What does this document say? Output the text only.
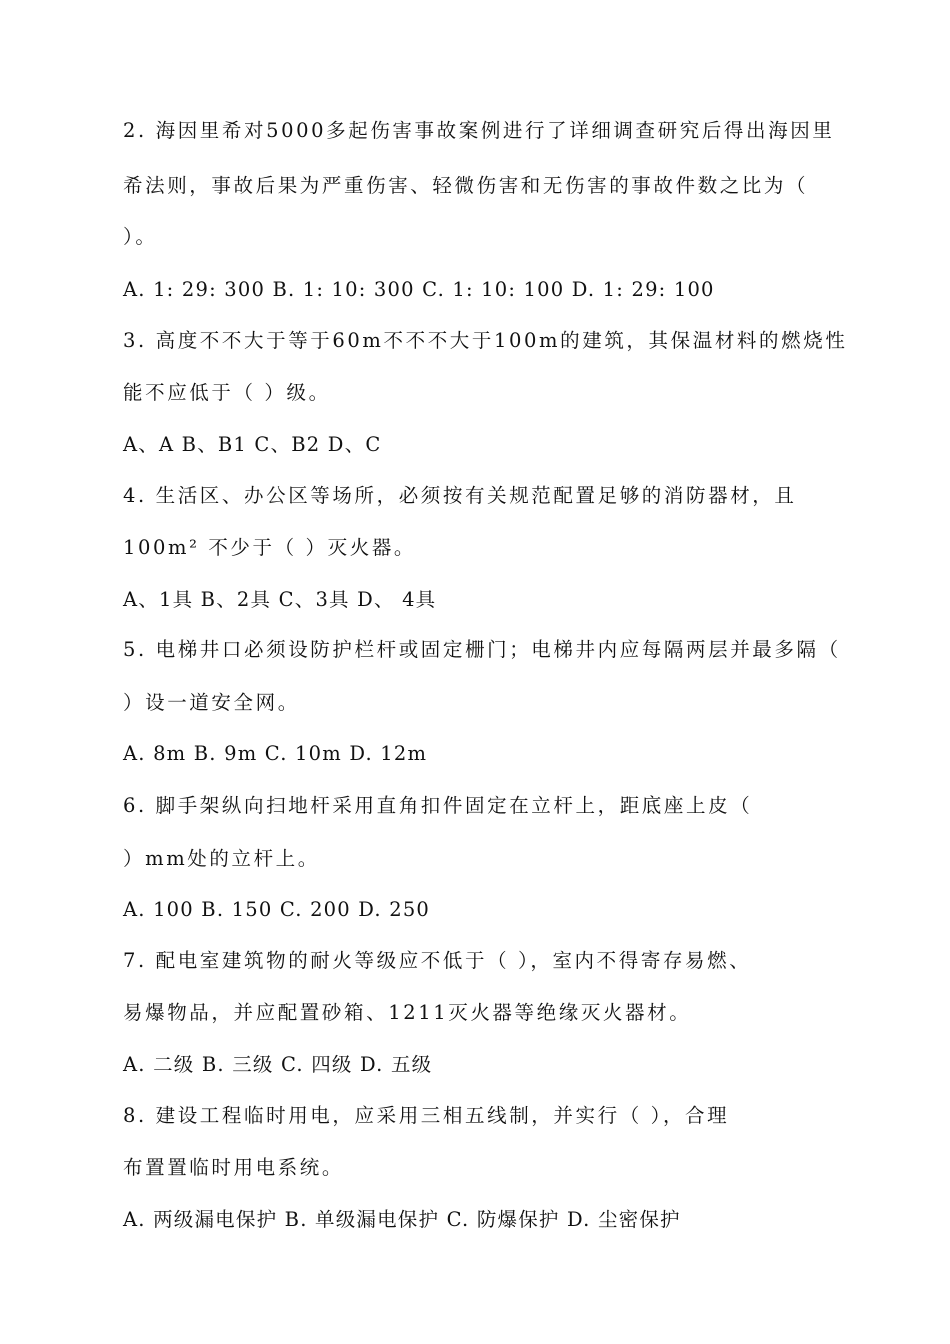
2. 海因里希对5000多起伤害事故案例进行了详细调查研究后得出海因里
希法则，事故后果为严重伤害、轻微伤害和无伤害的事故件数之比为（
）。
A. 1: 29: 300 B. 1: 10: 300 C. 1: 10: 100 D. 1: 29: 100
3. 高度不不大于等于60m不不不大于100m的建筑，其保温材料的燃烧性
能不应低于（ ）级。
A、A B、B1 C、B2 D、C
4. 生活区、办公区等场所，必须按有关规范配置足够的消防器材，且
100m² 不少于（ ）灭火器。
A、1具 B、2具 C、3具 D、 4具
5. 电梯井口必须设防护栏杆或固定栅门；电梯井内应每隔两层并最多隔（
）设一道安全网。
A. 8m B. 9m C. 10m D. 12m
6. 脚手架纵向扫地杆采用直角扣件固定在立杆上，距底座上皮（
）mm处的立杆上。
A. 100 B. 150 C. 200 D. 250
7. 配电室建筑物的耐火等级应不低于（ ），室内不得寄存易燃、
易爆物品，并应配置砂箱、1211灭火器等绝缘灭火器材。
A. 二级 B. 三级 C. 四级 D. 五级
8. 建设工程临时用电，应采用三相五线制，并实行（ ），合理
布置置临时用电系统。
A. 两级漏电保护 B. 单级漏电保护 C. 防爆保护 D. 尘密保护
